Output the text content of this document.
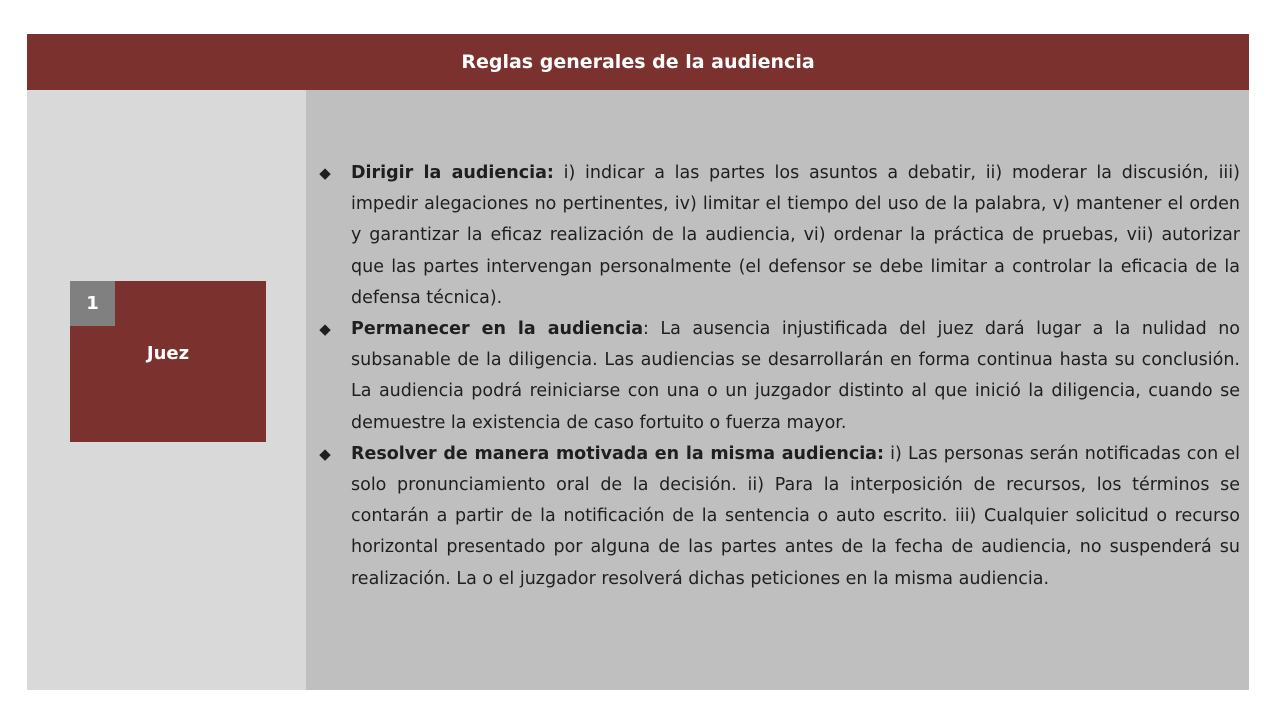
Reglas generales de la audiencia
1
Juez
◆ Dirigir la audiencia: i) indicar a las partes los asuntos a debatir, ii) moderar la discusión, iii) impedir alegaciones no pertinentes, iv) limitar el tiempo del uso de la palabra, v) mantener el orden y garantizar la eficaz realización de la audiencia, vi) ordenar la práctica de pruebas, vii) autorizar que las partes intervengan personalmente (el defensor se debe limitar a controlar la eficacia de la defensa técnica).
◆ Permanecer en la audiencia: La ausencia injustificada del juez dará lugar a la nulidad no subsanable de la diligencia. Las audiencias se desarrollarán en forma continua hasta su conclusión. La audiencia podrá reiniciarse con una o un juzgador distinto al que inició la diligencia, cuando se demuestre la existencia de caso fortuito o fuerza mayor.
◆ Resolver de manera motivada en la misma audiencia: i) Las personas serán notificadas con el solo pronunciamiento oral de la decisión. ii) Para la interposición de recursos, los términos se contarán a partir de la notificación de la sentencia o auto escrito. iii) Cualquier solicitud o recurso horizontal presentado por alguna de las partes antes de la fecha de audiencia, no suspenderá su realización. La o el juzgador resolverá dichas peticiones en la misma audiencia.
